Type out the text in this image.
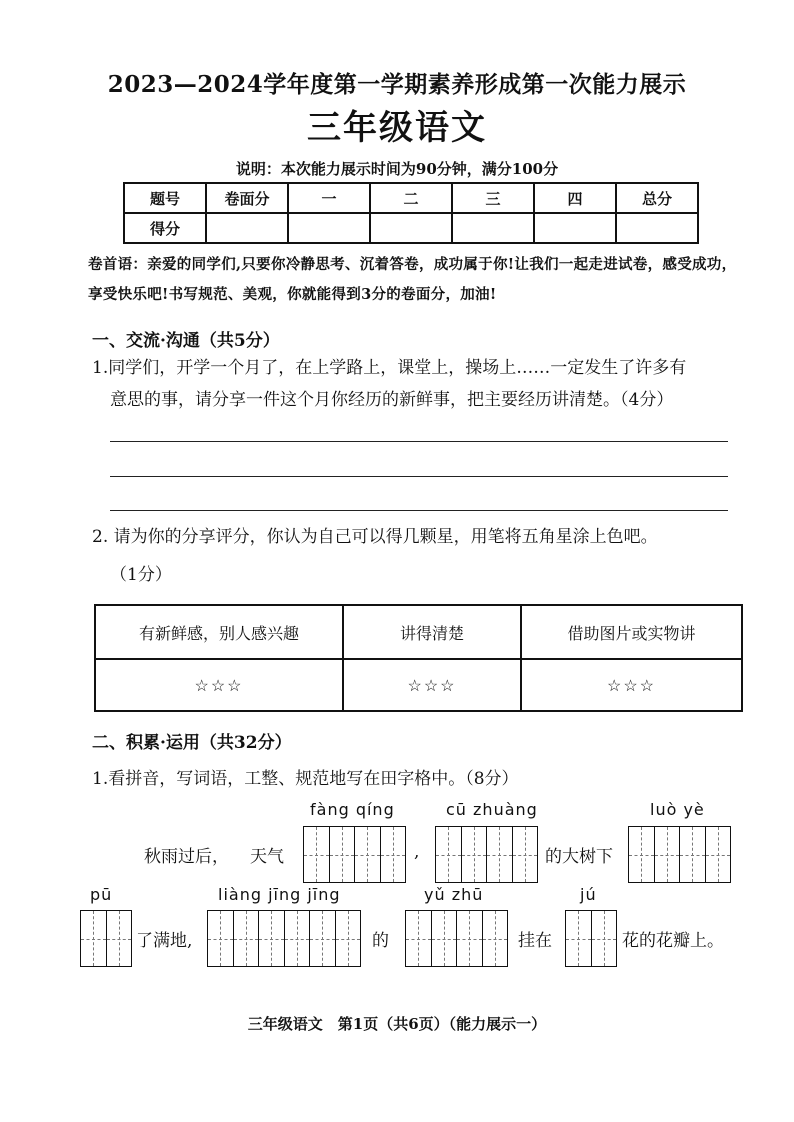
2023—2024学年度第一学期素养形成第一次能力展示
三年级语文
说明：本次能力展示时间为90分钟，满分100分
题号	卷面分	一	二	三	四	总分
得分						
卷首语：亲爱的同学们,只要你冷静思考、沉着答卷，成功属于你!让我们一起走进试卷，感受成功，享受快乐吧!书写规范、美观，你就能得到3分的卷面分，加油!
一、交流·沟通（共5分）
1.同学们，开学一个月了，在上学路上，课堂上，操场上……一定发生了许多有
意思的事，请分享一件这个月你经历的新鲜事，把主要经历讲清楚。（4分）
2. 请为你的分享评分，你认为自己可以得几颗星，用笔将五角星涂上色吧。
（1分）
有新鲜感，别人感兴趣	讲得清楚	借助图片或实物讲
☆☆☆	☆☆☆	☆☆☆
二、积累·运用（共32分）
1.看拼音，写词语，工整、规范地写在田字格中。（8分）
fàng qíng	cū zhuàng	luò yè
秋雨过后， 天气	,	的大树下
pū	liàng jīng jīng	yǔ zhū	jú
了满地,	的	挂在	花的花瓣上。
三年级语文　第1页（共6页）（能力展示一）
